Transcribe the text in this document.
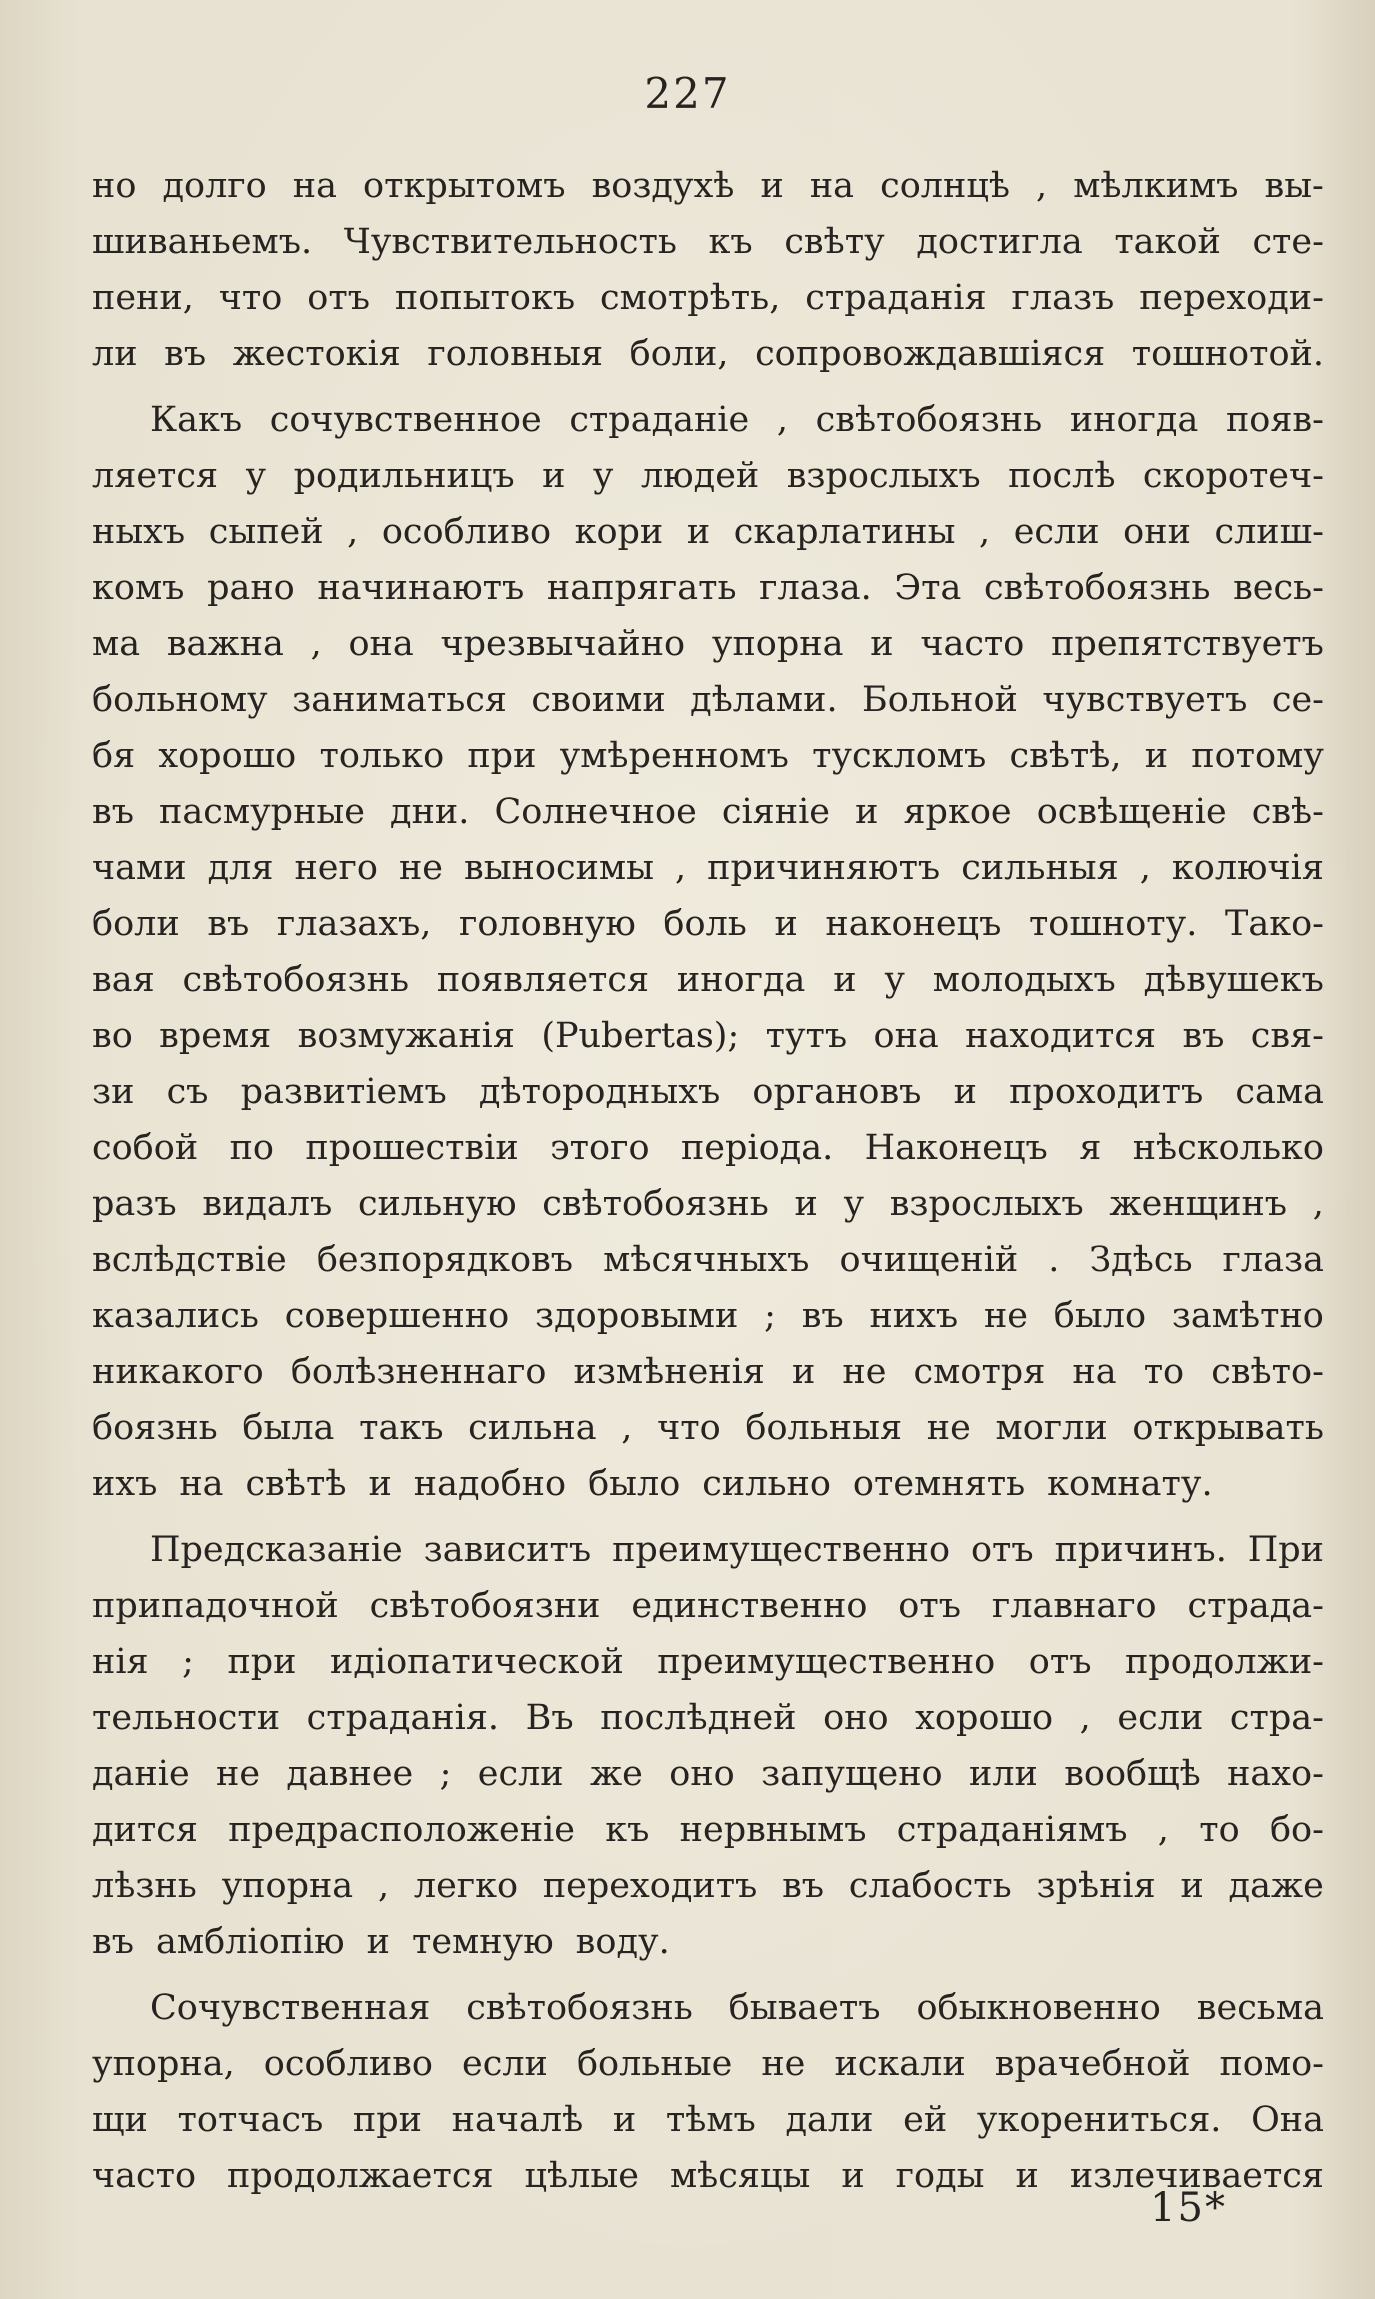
227
но долго на открытомъ воздухѣ и на солнцѣ , мѣлкимъ вы-
шиваньемъ. Чувствительность къ свѣту достигла такой сте-
пени, что отъ попытокъ смотрѣть, страданія глазъ переходи-
ли въ жестокія головныя боли, сопровождавшіяся тошнотой.
Какъ сочувственное страданіе , свѣтобоязнь иногда появ-
ляется у родильницъ и у людей взрослыхъ послѣ скоротеч-
ныхъ сыпей , особливо кори и скарлатины , если они слиш-
комъ рано начинаютъ напрягать глаза. Эта свѣтобоязнь весь-
ма важна , она чрезвычайно упорна и часто препятствуетъ
больному заниматься своими дѣлами. Больной чувствуетъ се-
бя хорошо только при умѣренномъ тускломъ свѣтѣ, и потому
въ пасмурные дни. Солнечное сіяніе и яркое освѣщеніе свѣ-
чами для него не выносимы , причиняютъ сильныя , колючія
боли въ глазахъ, головную боль и наконецъ тошноту. Тако-
вая свѣтобоязнь появляется иногда и у молодыхъ дѣвушекъ
во время возмужанія (Pubertas); тутъ она находится въ свя-
зи съ развитіемъ дѣтородныхъ органовъ и проходитъ сама
собой по прошествіи этого періода. Наконецъ я нѣсколько
разъ видалъ сильную свѣтобоязнь и у взрослыхъ женщинъ ,
вслѣдствіе безпорядковъ мѣсячныхъ очищеній . Здѣсь глаза
казались совершенно здоровыми ; въ нихъ не было замѣтно
никакого болѣзненнаго измѣненія и не смотря на то свѣто-
боязнь была такъ сильна , что больныя не могли открывать
ихъ на свѣтѣ и надобно было сильно отемнять комнату.
Предсказаніе зависитъ преимущественно отъ причинъ. При
припадочной свѣтобоязни единственно отъ главнаго страда-
нія ; при идіопатической преимущественно отъ продолжи-
тельности страданія. Въ послѣдней оно хорошо , если стра-
даніе не давнее ; если же оно запущено или вообщѣ нахо-
дится предрасположеніе къ нервнымъ страданіямъ , то бо-
лѣзнь упорна , легко переходитъ въ слабость зрѣнія и даже
въ амбліопію и темную воду.
Сочувственная свѣтобоязнь бываетъ обыкновенно весьма
упорна, особливо если больные не искали врачебной помо-
щи тотчасъ при началѣ и тѣмъ дали ей укорениться. Она
часто продолжается цѣлые мѣсяцы и годы и излечивается
15*
